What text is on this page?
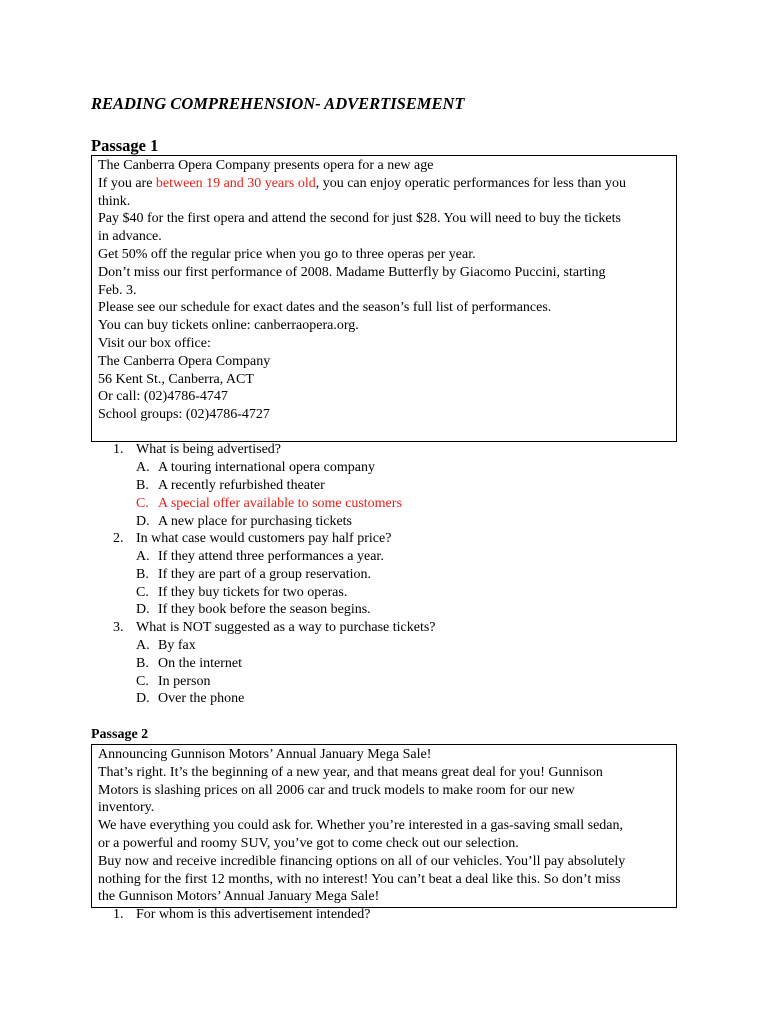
READING COMPREHENSION- ADVERTISEMENT
Passage 1
The Canberra Opera Company presents opera for a new age
If you are between 19 and 30 years old, you can enjoy operatic performances for less than you
think.
Pay $40 for the first opera and attend the second for just $28. You will need to buy the tickets
in advance.
Get 50% off the regular price when you go to three operas per year.
Don’t miss our first performance of 2008. Madame Butterfly by Giacomo Puccini, starting
Feb. 3.
Please see our schedule for exact dates and the season’s full list of performances.
You can buy tickets online: canberraopera.org.
Visit our box office:
The Canberra Opera Company
56 Kent St., Canberra, ACT
Or call: (02)4786-4747
School groups: (02)4786-4727
1. What is being advertised?
A. A touring international opera company
B. A recently refurbished theater
C. A special offer available to some customers
D. A new place for purchasing tickets
2. In what case would customers pay half price?
A. If they attend three performances a year.
B. If they are part of a group reservation.
C. If they buy tickets for two operas.
D. If they book before the season begins.
3. What is NOT suggested as a way to purchase tickets?
A. By fax
B. On the internet
C. In person
D. Over the phone
Passage 2
Announcing Gunnison Motors’ Annual January Mega Sale!
That’s right. It’s the beginning of a new year, and that means great deal for you! Gunnison
Motors is slashing prices on all 2006 car and truck models to make room for our new
inventory.
We have everything you could ask for. Whether you’re interested in a gas-saving small sedan,
or a powerful and roomy SUV, you’ve got to come check out our selection.
Buy now and receive incredible financing options on all of our vehicles. You’ll pay absolutely
nothing for the first 12 months, with no interest! You can’t beat a deal like this. So don’t miss
the Gunnison Motors’ Annual January Mega Sale!
1. For whom is this advertisement intended?
